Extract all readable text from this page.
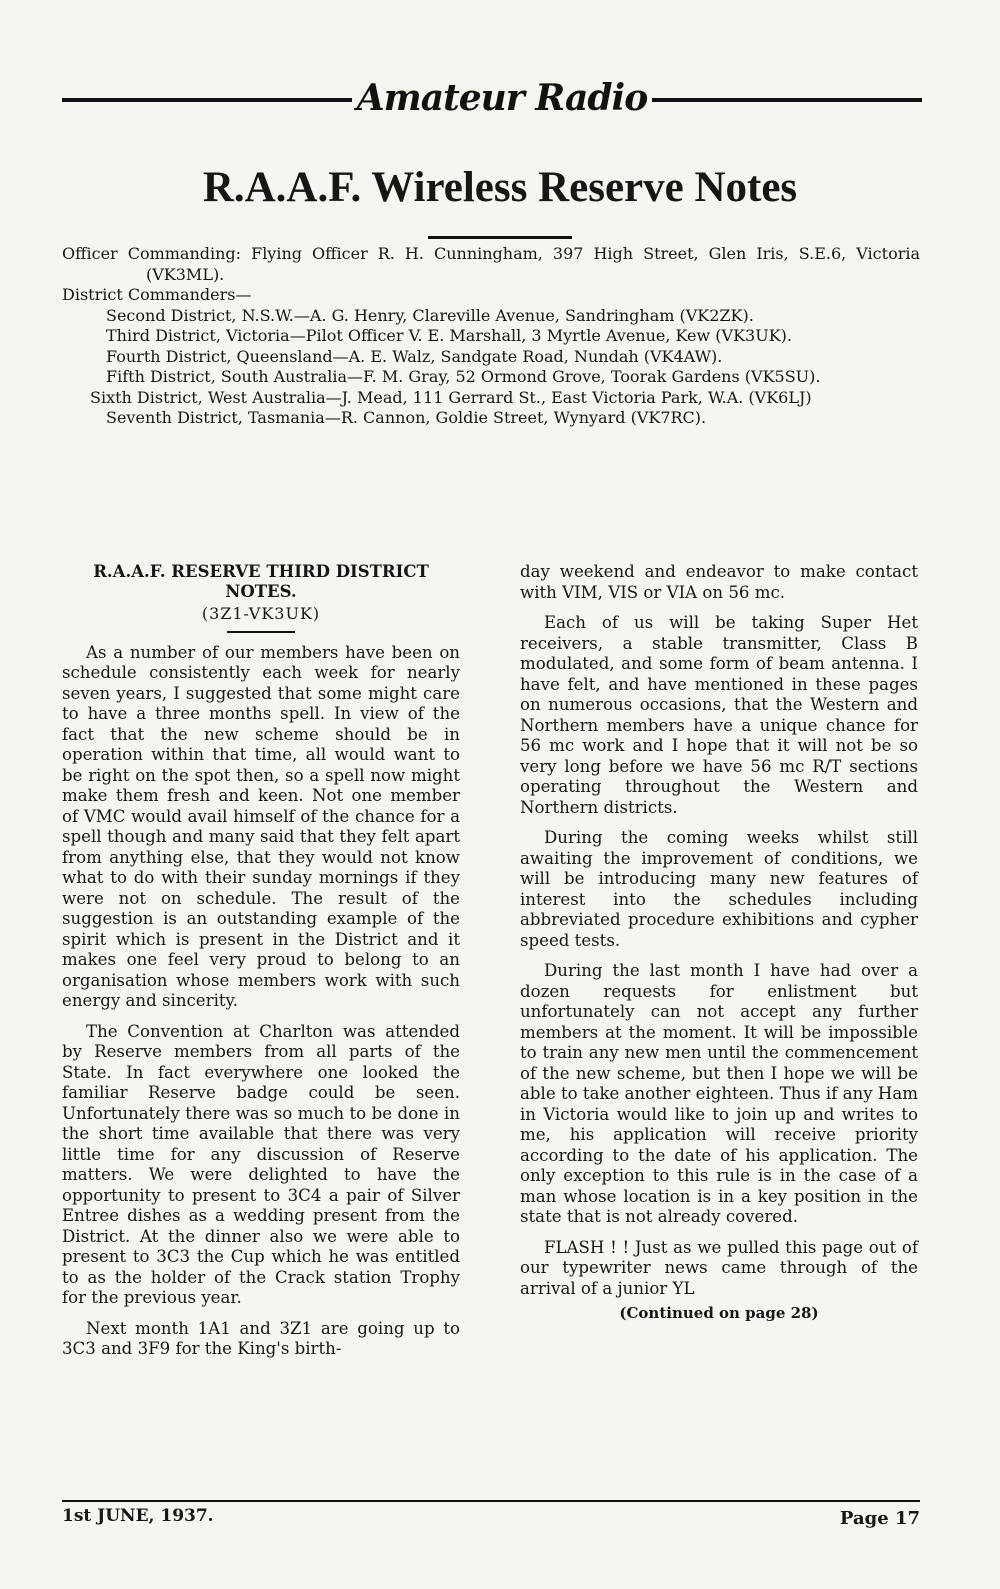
Amateur Radio
R.A.A.F. Wireless Reserve Notes

Officer Commanding: Flying Officer R. H. Cunningham, 397 High Street, Glen Iris, S.E.6, Victoria (VK3ML).

District Commanders—

Second District, N.S.W.—A. G. Henry, Clareville Avenue, Sandringham (VK2ZK).

Third District, Victoria—Pilot Officer V. E. Marshall, 3 Myrtle Avenue, Kew (VK3UK).

Fourth District, Queensland—A. E. Walz, Sandgate Road, Nundah (VK4AW).

Fifth District, South Australia—F. M. Gray, 52 Ormond Grove, Toorak Gardens (VK5SU).

Sixth District, West Australia—J. Mead, 111 Gerrard St., East Victoria Park, W.A. (VK6LJ)

Seventh District, Tasmania—R. Cannon, Goldie Street, Wynyard (VK7RC).

R.A.A.F. RESERVE THIRD DISTRICT NOTES.
(3Z1-VK3UK)

As a number of our members have been on schedule consistently each week for nearly seven years, I suggested that some might care to have a three months spell. In view of the fact that the new scheme should be in operation within that time, all would want to be right on the spot then, so a spell now might make them fresh and keen. Not one member of VMC would avail himself of the chance for a spell though and many said that they felt apart from anything else, that they would not know what to do with their sunday mornings if they were not on schedule. The result of the suggestion is an outstanding example of the spirit which is present in the District and it makes one feel very proud to belong to an organisation whose members work with such energy and sincerity.

The Convention at Charlton was attended by Reserve members from all parts of the State. In fact everywhere one looked the familiar Reserve badge could be seen. Unfortunately there was so much to be done in the short time available that there was very little time for any discussion of Reserve matters. We were delighted to have the opportunity to present to 3C4 a pair of Silver Entree dishes as a wedding present from the District. At the dinner also we were able to present to 3C3 the Cup which he was entitled to as the holder of the Crack station Trophy for the previous year.

Next month 1A1 and 3Z1 are going up to 3C3 and 3F9 for the King's birth-

day weekend and endeavor to make contact with VIM, VIS or VIA on 56 mc.

Each of us will be taking Super Het receivers, a stable transmitter, Class B modulated, and some form of beam antenna. I have felt, and have mentioned in these pages on numerous occasions, that the Western and Northern members have a unique chance for 56 mc work and I hope that it will not be so very long before we have 56 mc R/T sections operating throughout the Western and Northern districts.

During the coming weeks whilst still awaiting the improvement of conditions, we will be introducing many new features of interest into the schedules including abbreviated procedure exhibitions and cypher speed tests.

During the last month I have had over a dozen requests for enlistment but unfortunately can not accept any further members at the moment. It will be impossible to train any new men until the commencement of the new scheme, but then I hope we will be able to take another eighteen. Thus if any Ham in Victoria would like to join up and writes to me, his application will receive priority according to the date of his application. The only exception to this rule is in the case of a man whose location is in a key position in the state that is not already covered.

FLASH ! ! Just as we pulled this page out of our typewriter news came through of the arrival of a junior YL

(Continued on page 28)
1st JUNE, 1937.	Page 17
